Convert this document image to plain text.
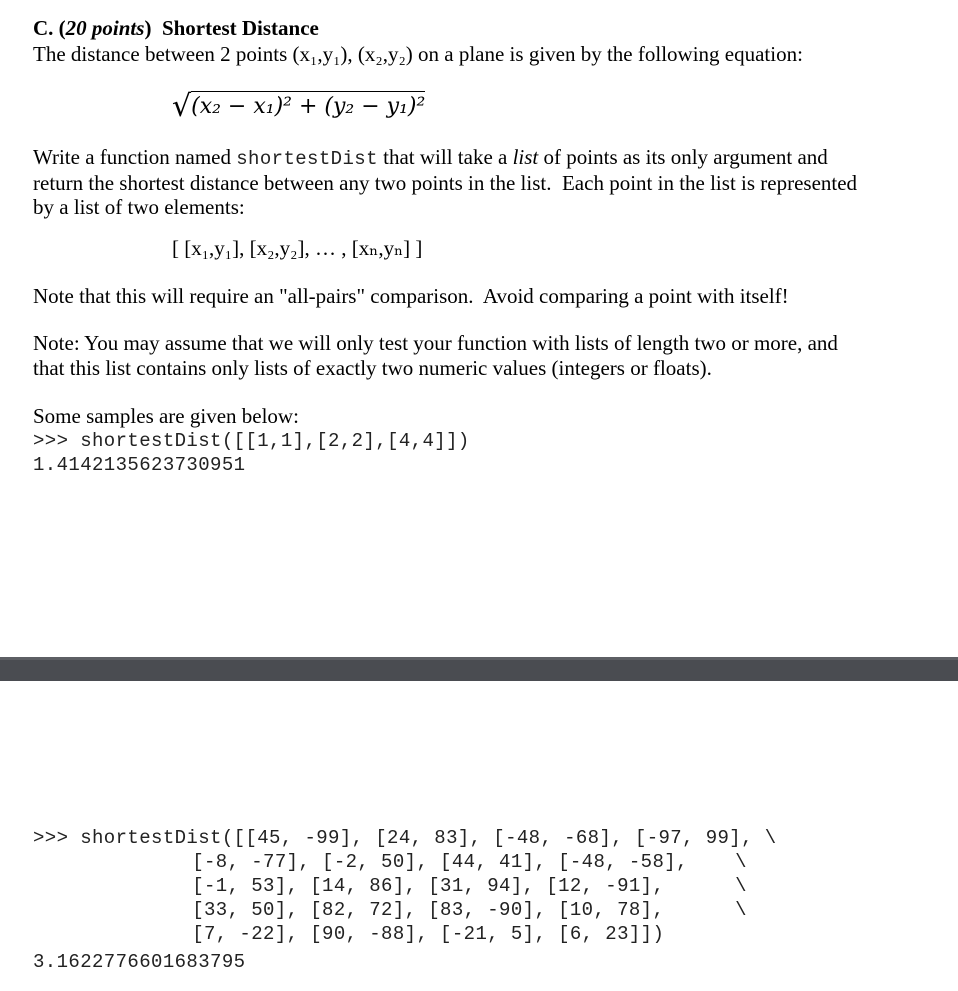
C. (20 points)  Shortest Distance
The distance between 2 points (x₁,y₁), (x₂,y₂) on a plane is given by the following equation:
√(x₂ − x₁)² + (y₂ − y₁)²
Write a function named shortestDist that will take a list of points as its only argument and
return the shortest distance between any two points in the list.  Each point in the list is represented
by a list of two elements:
[ [x₁,y₁], [x₂,y₂], … , [xₙ,yₙ] ]
Note that this will require an "all-pairs" comparison.  Avoid comparing a point with itself!
Note: You may assume that we will only test your function with lists of length two or more, and
that this list contains only lists of exactly two numeric values (integers or floats).
Some samples are given below:
>>> shortestDist([[1,1],[2,2],[4,4]])
1.4142135623730951
>>> shortestDist([[45, -99], [24, 83], [-48, -68], [-97, 99], \
[-8, -77], [-2, 50], [44, 41], [-48, -58],    \
[-1, 53], [14, 86], [31, 94], [12, -91],      \
[33, 50], [82, 72], [83, -90], [10, 78],      \
[7, -22], [90, -88], [-21, 5], [6, 23]])
3.1622776601683795
